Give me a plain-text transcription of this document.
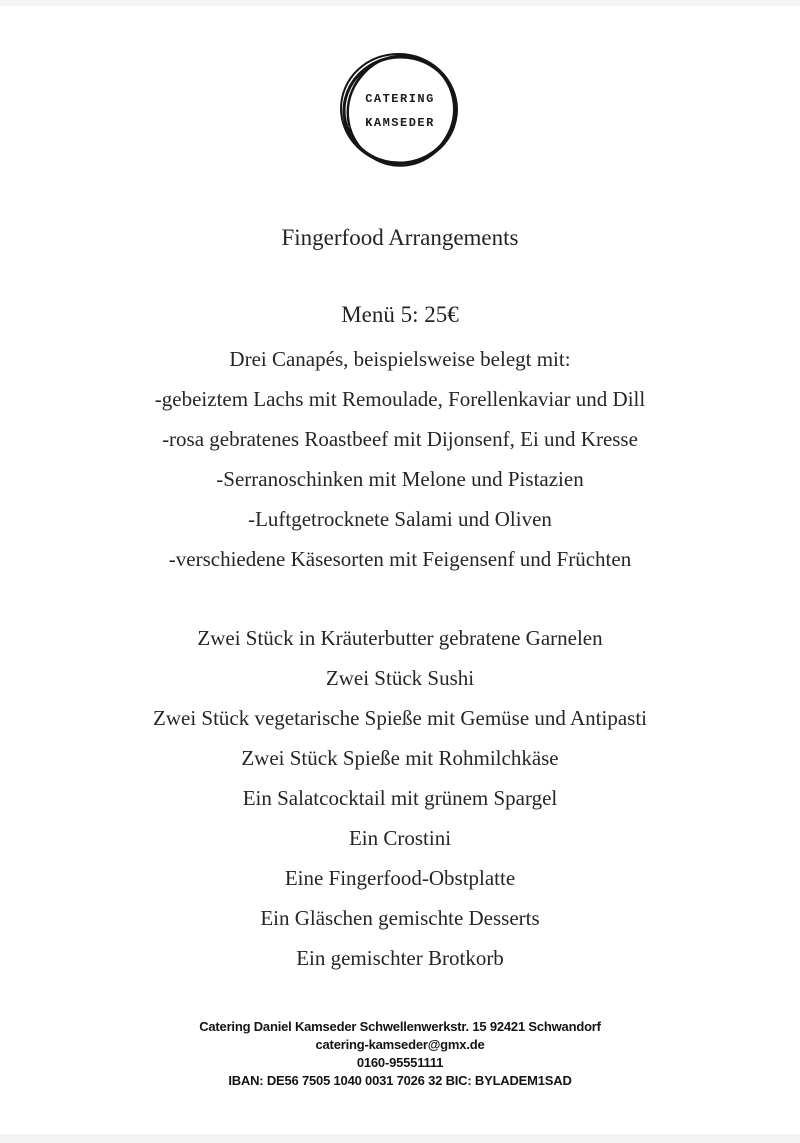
CATERING
KAMSEDER
Fingerfood Arrangements
Menü 5: 25€
Drei Canapés, beispielsweise belegt mit:
-gebeiztem Lachs mit Remoulade, Forellenkaviar und Dill
-rosa gebratenes Roastbeef mit Dijonsenf, Ei und Kresse
-Serranoschinken mit Melone und Pistazien
-Luftgetrocknete Salami und Oliven
-verschiedene Käsesorten mit Feigensenf und Früchten
Zwei Stück in Kräuterbutter gebratene Garnelen
Zwei Stück Sushi
Zwei Stück vegetarische Spieße mit Gemüse und Antipasti
Zwei Stück Spieße mit Rohmilchkäse
Ein Salatcocktail mit grünem Spargel
Ein Crostini
Eine Fingerfood-Obstplatte
Ein Gläschen gemischte Desserts
Ein gemischter Brotkorb
Catering Daniel Kamseder Schwellenwerkstr. 15 92421 Schwandorf
catering-kamseder@gmx.de
0160-95551111
IBAN: DE56 7505 1040 0031 7026 32 BIC: BYLADEM1SAD
